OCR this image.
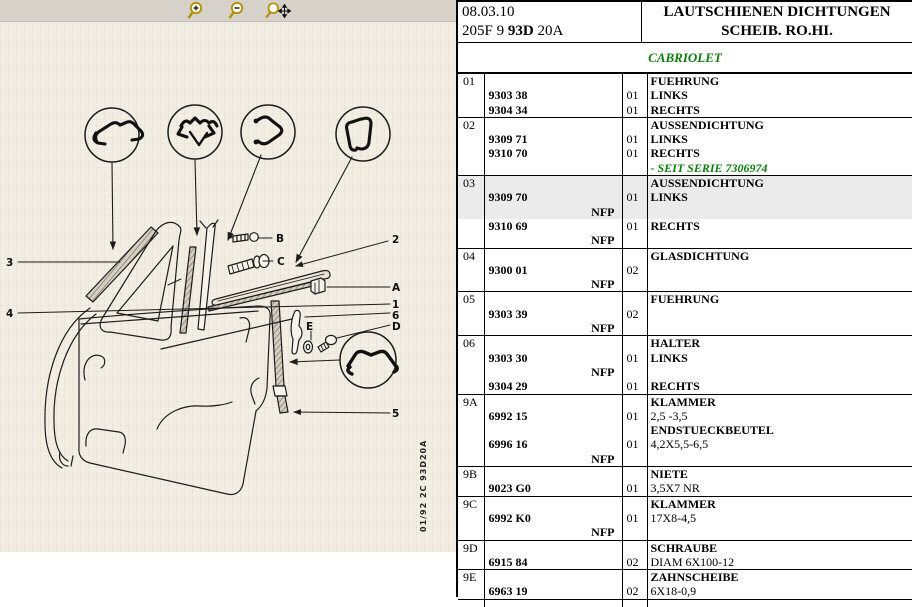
3
4
2
A
1
6
D
5
B
C
E
01/92 2C 93D20A
08.03.10
205F 9 93D 20A
LAUTSCHIENEN DICHTUNGEN
SCHEIB. RO.HI.
CABRIOLET
01			FUEHRUNG
	9303 38	01	LINKS
	9304 34	01	RECHTS
02			AUSSENDICHTUNG
	9309 71	01	LINKS
	9310 70	01	RECHTS
			- SEIT SERIE 7306974
03			AUSSENDICHTUNG
	9309 70	01	LINKS
	NFP		
	9310 69	01	RECHTS
	NFP		
04			GLASDICHTUNG
	9300 01	02	
	NFP		
05			FUEHRUNG
	9303 39	02	
	NFP		
06			HALTER
	9303 30	01	LINKS
	NFP		
	9304 29	01	RECHTS
9A			KLAMMER
	6992 15	01	2,5 -3,5
			ENDSTUECKBEUTEL
	6996 16	01	4,2X5,5-6,5
	NFP		
9B			NIETE
	9023 G0	01	3,5X7 NR
9C			KLAMMER
	6992 K0	01	17X8-4,5
	NFP		
9D			SCHRAUBE
	6915 84	02	DIAM 6X100-12
9E			ZAHNSCHEIBE
	6963 19	02	6X18-0,9
